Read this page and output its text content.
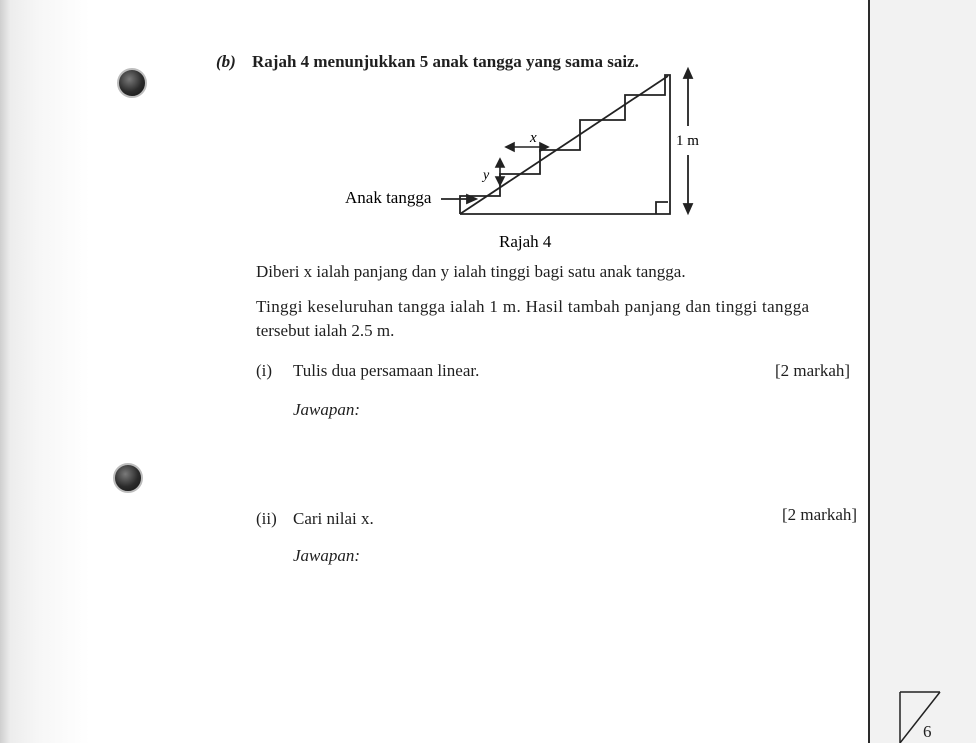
(b) Rajah 4 menunjukkan 5 anak tangga yang sama saiz.
x
y
1 m
Anak tangga
Rajah 4
Diberi x ialah panjang dan y ialah tinggi bagi satu anak tangga.
Tinggi keseluruhan tangga ialah 1 m. Hasil tambah panjang dan tinggi tangga
tersebut ialah 2.5 m.
(i) Tulis dua persamaan linear.	[2 markah]
Jawapan:
(ii) Cari nilai x.	[2 markah]
Jawapan:
6
